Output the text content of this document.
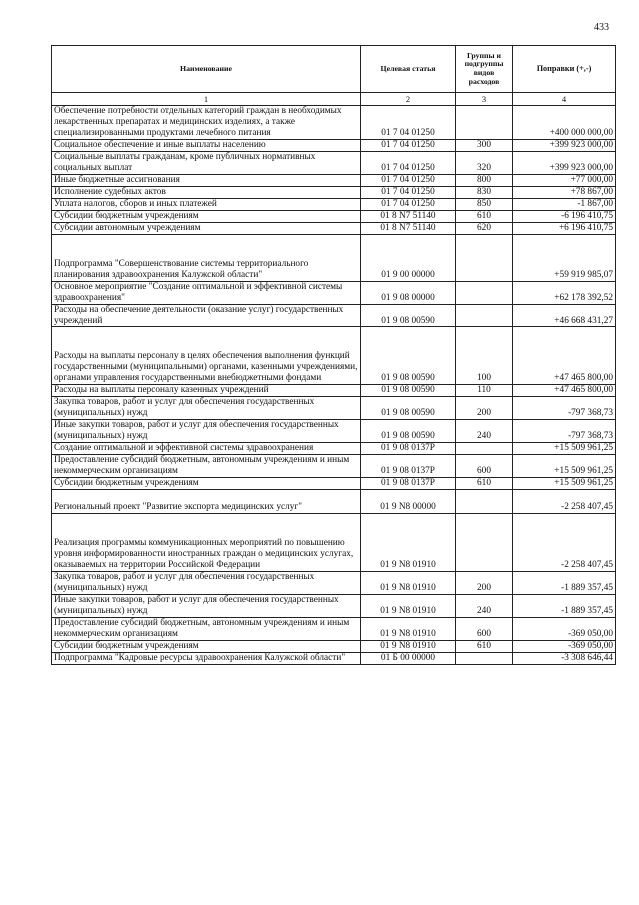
433
Наименование	Целевая статья	Группы и подгруппы видов расходов	Поправки (+,-)
1	2	3	4
Обеспечение потребности отдельных категорий граждан в необходимых лекарственных препаратах и медицинских изделиях, а также специализированными продуктами лечебного питания	01 7 04 01250		+400 000 000,00
Социальное обеспечение и иные выплаты населению	01 7 04 01250	300	+399 923 000,00
Социальные выплаты гражданам, кроме публичных нормативных социальных выплат	01 7 04 01250	320	+399 923 000,00
Иные бюджетные ассигнования	01 7 04 01250	800	+77 000,00
Исполнение судебных актов	01 7 04 01250	830	+78 867,00
Уплата налогов, сборов и иных платежей	01 7 04 01250	850	-1 867,00
Субсидии бюджетным учреждениям	01 8 N7 51140	610	-6 196 410,75
Субсидии автономным учреждениям	01 8 N7 51140	620	+6 196 410,75
Подпрограмма "Совершенствование системы территориального планирования здравоохранения Калужской области"	01 9 00 00000		+59 919 985,07
Основное мероприятие "Создание оптимальной и эффективной системы здравоохранения"	01 9 08 00000		+62 178 392,52
Расходы на обеспечение деятельности (оказание услуг) государственных учреждений	01 9 08 00590		+46 668 431,27
Расходы на выплаты персоналу в целях обеспечения выполнения функций государственными (муниципальными) органами, казенными учреждениями, органами управления государственными внебюджетными фондами	01 9 08 00590	100	+47 465 800,00
Расходы на выплаты персоналу казенных учреждений	01 9 08 00590	110	+47 465 800,00
Закупка товаров, работ и услуг для обеспечения государственных (муниципальных) нужд	01 9 08 00590	200	-797 368,73
Иные закупки товаров, работ и услуг для обеспечения государственных (муниципальных) нужд	01 9 08 00590	240	-797 368,73
Создание оптимальной и эффективной системы здравоохранения	01 9 08 0137Р		+15 509 961,25
Предоставление субсидий бюджетным, автономным учреждениям и иным некоммерческим организациям	01 9 08 0137Р	600	+15 509 961,25
Субсидии бюджетным учреждениям	01 9 08 0137Р	610	+15 509 961,25
Региональный проект "Развитие экспорта медицинских услуг"	01 9 N8 00000		-2 258 407,45
Реализация программы коммуникационных мероприятий по повышению уровня информированности иностранных граждан о медицинских услугах, оказываемых на территории Российской Федерации	01 9 N8 01910		-2 258 407,45
Закупка товаров, работ и услуг для обеспечения государственных (муниципальных) нужд	01 9 N8 01910	200	-1 889 357,45
Иные закупки товаров, работ и услуг для обеспечения государственных (муниципальных) нужд	01 9 N8 01910	240	-1 889 357,45
Предоставление субсидий бюджетным, автономным учреждениям и иным некоммерческим организациям	01 9 N8 01910	600	-369 050,00
Субсидии бюджетным учреждениям	01 9 N8 01910	610	-369 050,00
Подпрограмма "Кадровые ресурсы здравоохранения Калужской области"	01 Б 00 00000		-3 308 646,44
